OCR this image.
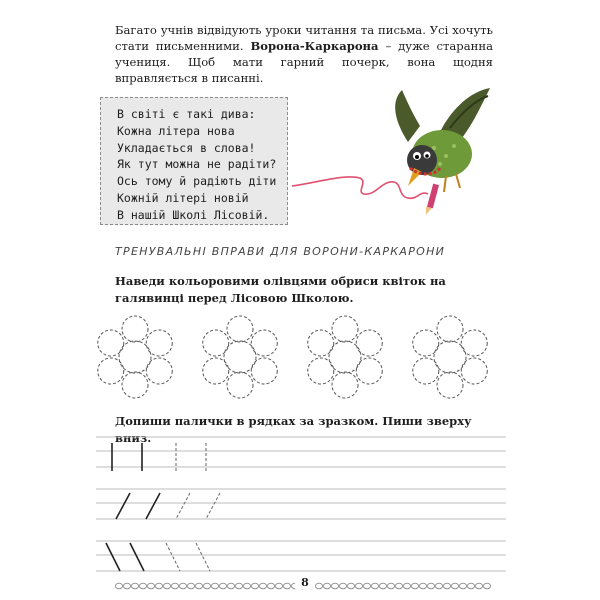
Багато учнів відвідують уроки читання та письма. Усі хочуть стати письменними. Ворона-Каркарона – дуже старанна учениця. Щоб мати гарний почерк, вона щодня вправляється в писанні.
В світі є такі дива:
Кожна літера нова
Укладається в слова!
Як тут можна не радіти?
Ось тому й радіють діти
Кожній літері новій
В нашій Школі Лісовій.
ТРЕНУВАЛЬНІ ВПРАВИ ДЛЯ ВОРОНИ-КАРКАРОНИ
Наведи кольоровими олівцями обриси квіток на галявинці перед Лісовою Школою.
Допиши палички в рядках за зразком. Пиши зверху вниз.
8
